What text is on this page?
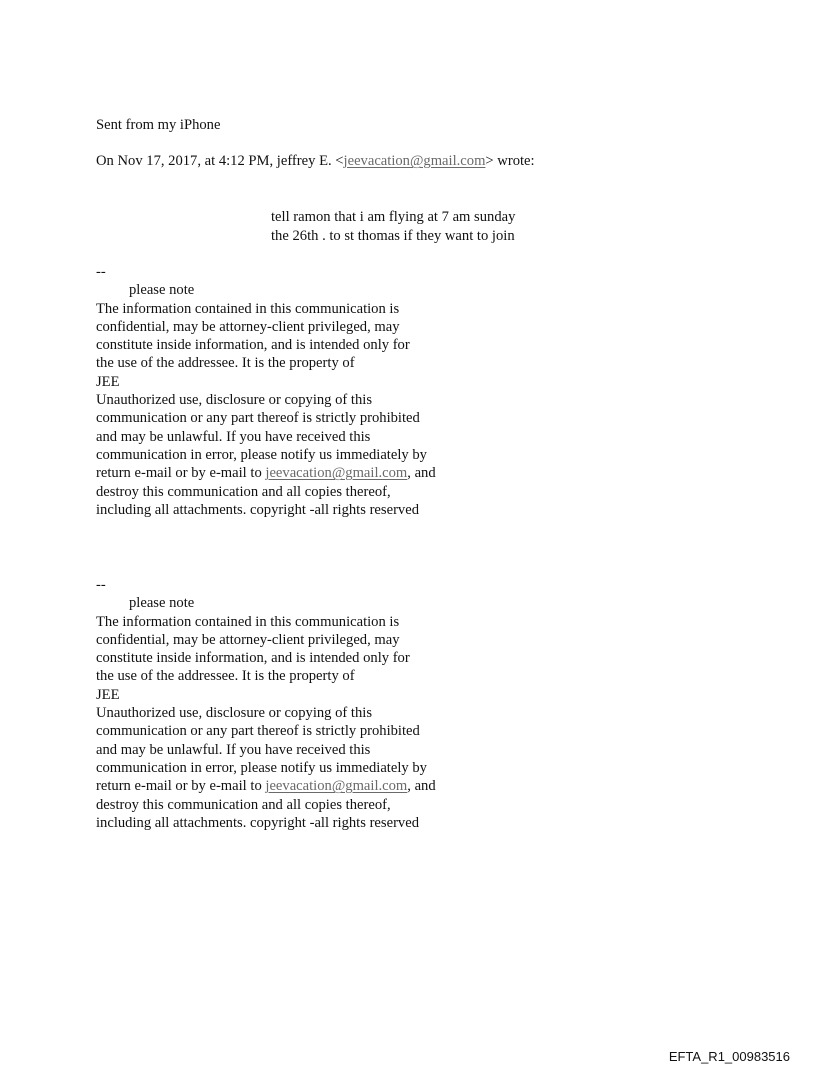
Sent from my iPhone
On Nov 17, 2017, at 4:12 PM, jeffrey E. <jeevacation@gmail.com> wrote:
tell ramon that i am flying at 7 am sunday
the 26th . to st thomas if they want to join
--
please note
The information contained in this communication is
confidential, may be attorney-client privileged, may
constitute inside information, and is intended only for
the use of the addressee. It is the property of
JEE
Unauthorized use, disclosure or copying of this
communication or any part thereof is strictly prohibited
and may be unlawful. If you have received this
communication in error, please notify us immediately by
return e-mail or by e-mail to jeevacation@gmail.com, and
destroy this communication and all copies thereof,
including all attachments. copyright -all rights reserved
--
please note
The information contained in this communication is
confidential, may be attorney-client privileged, may
constitute inside information, and is intended only for
the use of the addressee. It is the property of
JEE
Unauthorized use, disclosure or copying of this
communication or any part thereof is strictly prohibited
and may be unlawful. If you have received this
communication in error, please notify us immediately by
return e-mail or by e-mail to jeevacation@gmail.com, and
destroy this communication and all copies thereof,
including all attachments. copyright -all rights reserved
EFTA_R1_00983516
